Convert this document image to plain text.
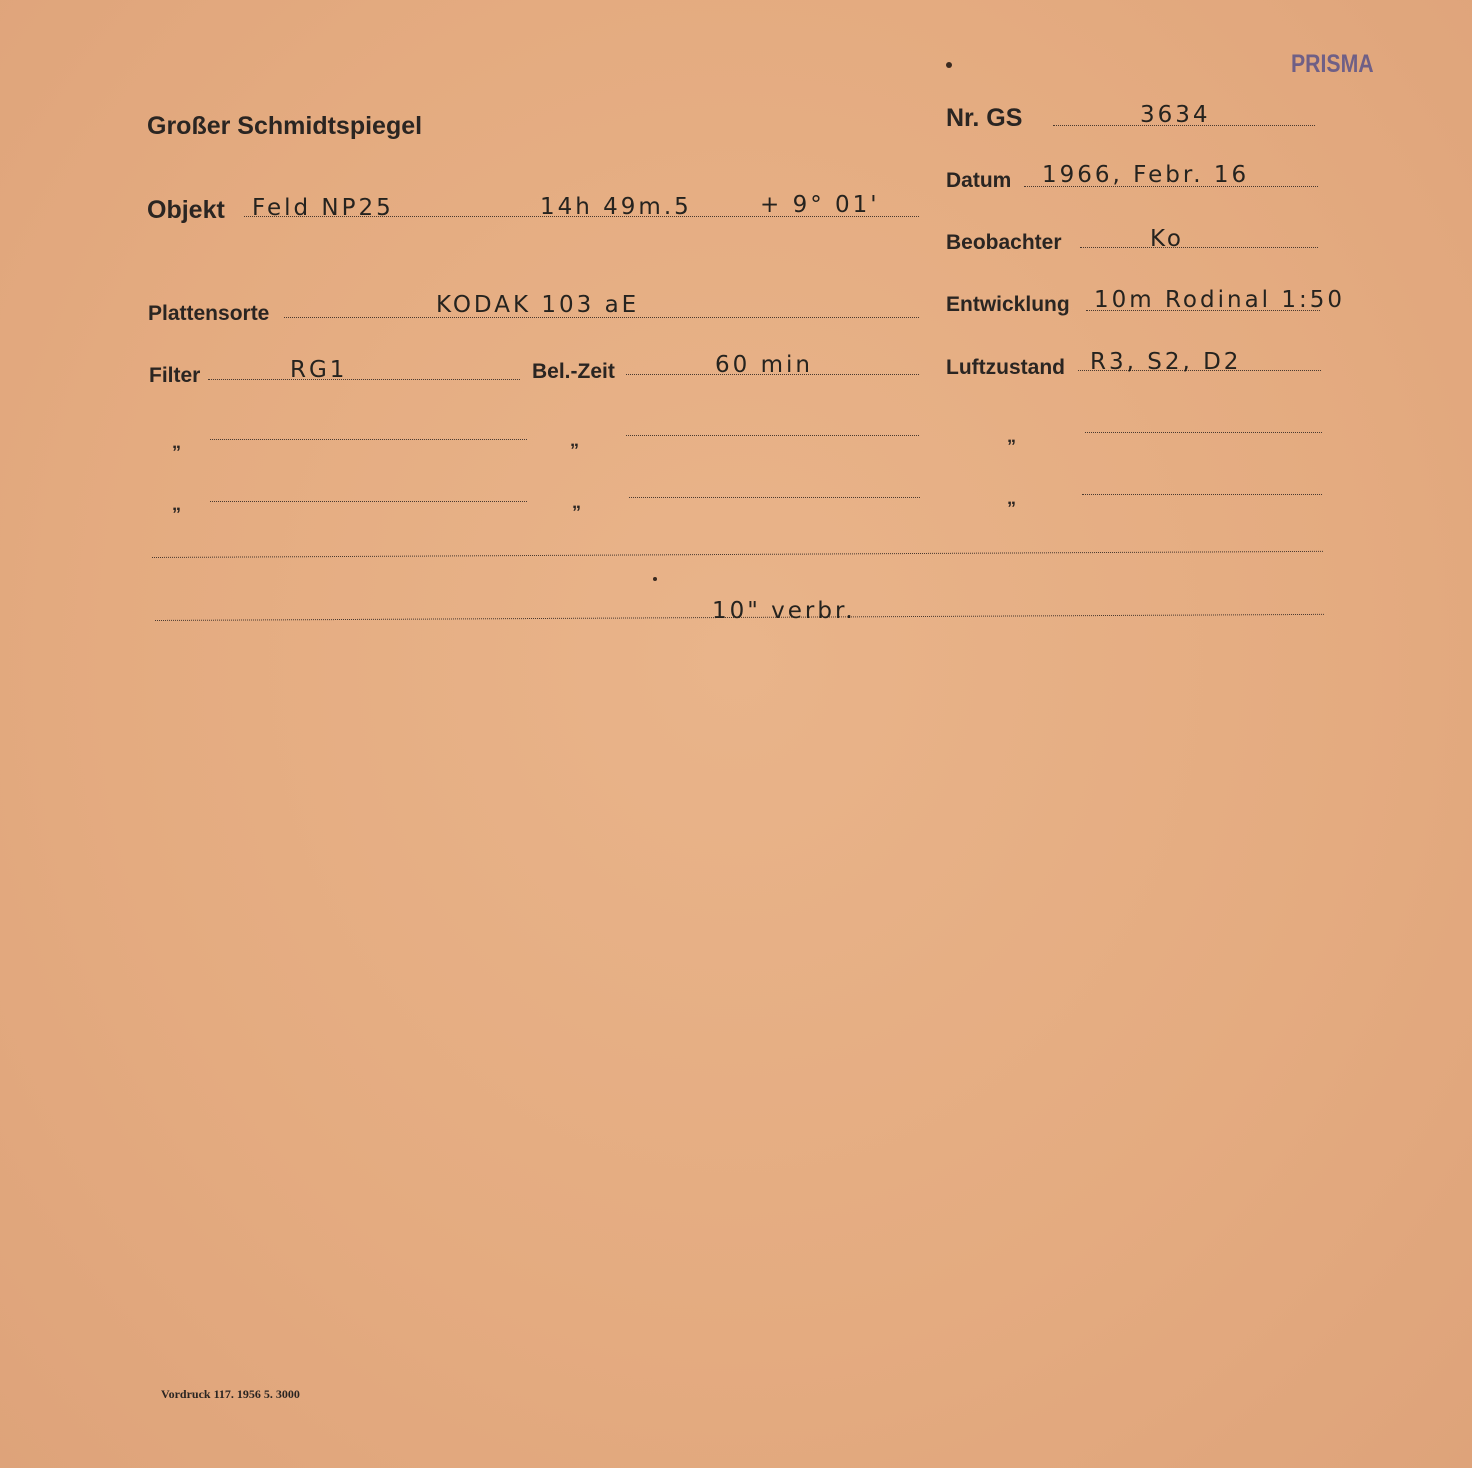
PRISMA
Großer Schmidtspiegel	Nr. GS	3634
Objekt Feld NP25	14h 49m.5	+ 9° 01'
Datum 1966, Febr. 16
Beobachter	Ko
Plattensorte	KODAK 103 aE	Entwicklung 10m Rodinal 1:50
Filter	RG1	Bel.-Zeit	60 min	Luftzustand R3, S2, D2
„	„	„
„	„	„
10" verbr.
Vordruck 117. 1956 5. 3000
